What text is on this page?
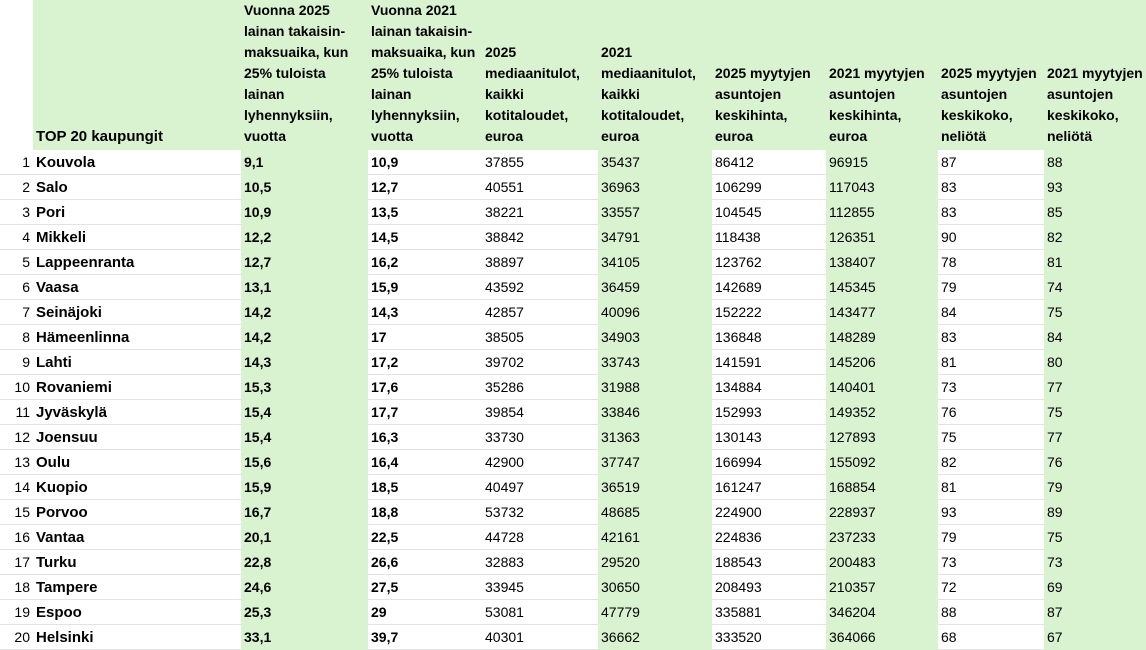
	TOP 20 kaupungit	Vuonna 2025 lainan takaisin-maksuaika, kun 25% tuloista lainan lyhennyksiin, vuotta	Vuonna 2021 lainan takaisin-maksuaika, kun 25% tuloista lainan lyhennyksiin, vuotta	2025 mediaanitulot, kaikki kotitaloudet, euroa	2021 mediaanitulot, kaikki kotitaloudet, euroa	2025 myytyjen asuntojen keskihinta, euroa	2021 myytyjen asuntojen keskihinta, euroa	2025 myytyjen asuntojen keskikoko, neliötä	2021 myytyjen asuntojen keskikoko, neliötä
1	Kouvola	9,1	10,9	37855	35437	86412	96915	87	88
2	Salo	10,5	12,7	40551	36963	106299	117043	83	93
3	Pori	10,9	13,5	38221	33557	104545	112855	83	85
4	Mikkeli	12,2	14,5	38842	34791	118438	126351	90	82
5	Lappeenranta	12,7	16,2	38897	34105	123762	138407	78	81
6	Vaasa	13,1	15,9	43592	36459	142689	145345	79	74
7	Seinäjoki	14,2	14,3	42857	40096	152222	143477	84	75
8	Hämeenlinna	14,2	17	38505	34903	136848	148289	83	84
9	Lahti	14,3	17,2	39702	33743	141591	145206	81	80
10	Rovaniemi	15,3	17,6	35286	31988	134884	140401	73	77
11	Jyväskylä	15,4	17,7	39854	33846	152993	149352	76	75
12	Joensuu	15,4	16,3	33730	31363	130143	127893	75	77
13	Oulu	15,6	16,4	42900	37747	166994	155092	82	76
14	Kuopio	15,9	18,5	40497	36519	161247	168854	81	79
15	Porvoo	16,7	18,8	53732	48685	224900	228937	93	89
16	Vantaa	20,1	22,5	44728	42161	224836	237233	79	75
17	Turku	22,8	26,6	32883	29520	188543	200483	73	73
18	Tampere	24,6	27,5	33945	30650	208493	210357	72	69
19	Espoo	25,3	29	53081	47779	335881	346204	88	87
20	Helsinki	33,1	39,7	40301	36662	333520	364066	68	67
